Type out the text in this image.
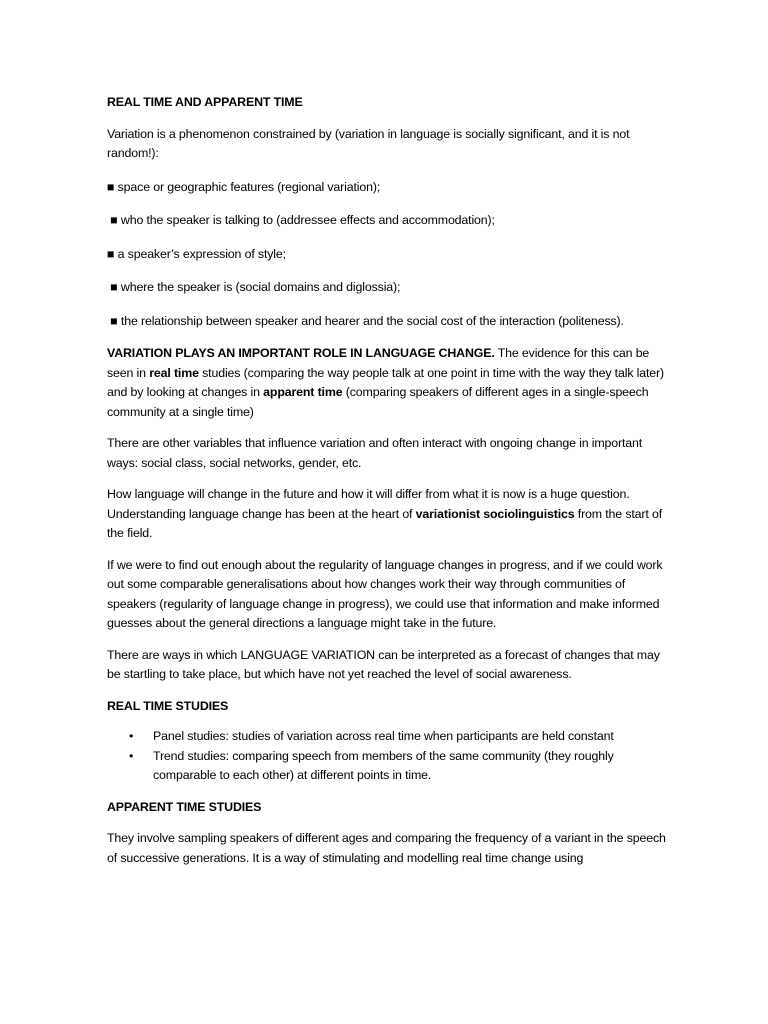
REAL TIME AND APPARENT TIME

Variation is a phenomenon constrained by (variation in language is socially significant, and it is not random!):

■ space or geographic features (regional variation);

■ who the speaker is talking to (addressee effects and accommodation);

■ a speaker’s expression of style;

■ where the speaker is (social domains and diglossia);

■ the relationship between speaker and hearer and the social cost of the interaction (politeness).

VARIATION PLAYS AN IMPORTANT ROLE IN LANGUAGE CHANGE. The evidence for this can be seen in real time studies (comparing the way people talk at one point in time with the way they talk later) and by looking at changes in apparent time (comparing speakers of different ages in a single-speech community at a single time)

There are other variables that influence variation and often interact with ongoing change in important ways: social class, social networks, gender, etc.

How language will change in the future and how it will differ from what it is now is a huge question. Understanding language change has been at the heart of variationist sociolinguistics from the start of the field.

If we were to find out enough about the regularity of language changes in progress, and if we could work out some comparable generalisations about how changes work their way through communities of speakers (regularity of language change in progress), we could use that information and make informed guesses about the general directions a language might take in the future.

There are ways in which LANGUAGE VARIATION can be interpreted as a forecast of changes that may be startling to take place, but which have not yet reached the level of social awareness.

REAL TIME STUDIES

• Panel studies: studies of variation across real time when participants are held constant
• Trend studies: comparing speech from members of the same community (they roughly comparable to each other) at different points in time.

APPARENT TIME STUDIES

They involve sampling speakers of different ages and comparing the frequency of a variant in the speech of successive generations. It is a way of stimulating and modelling real time change using
